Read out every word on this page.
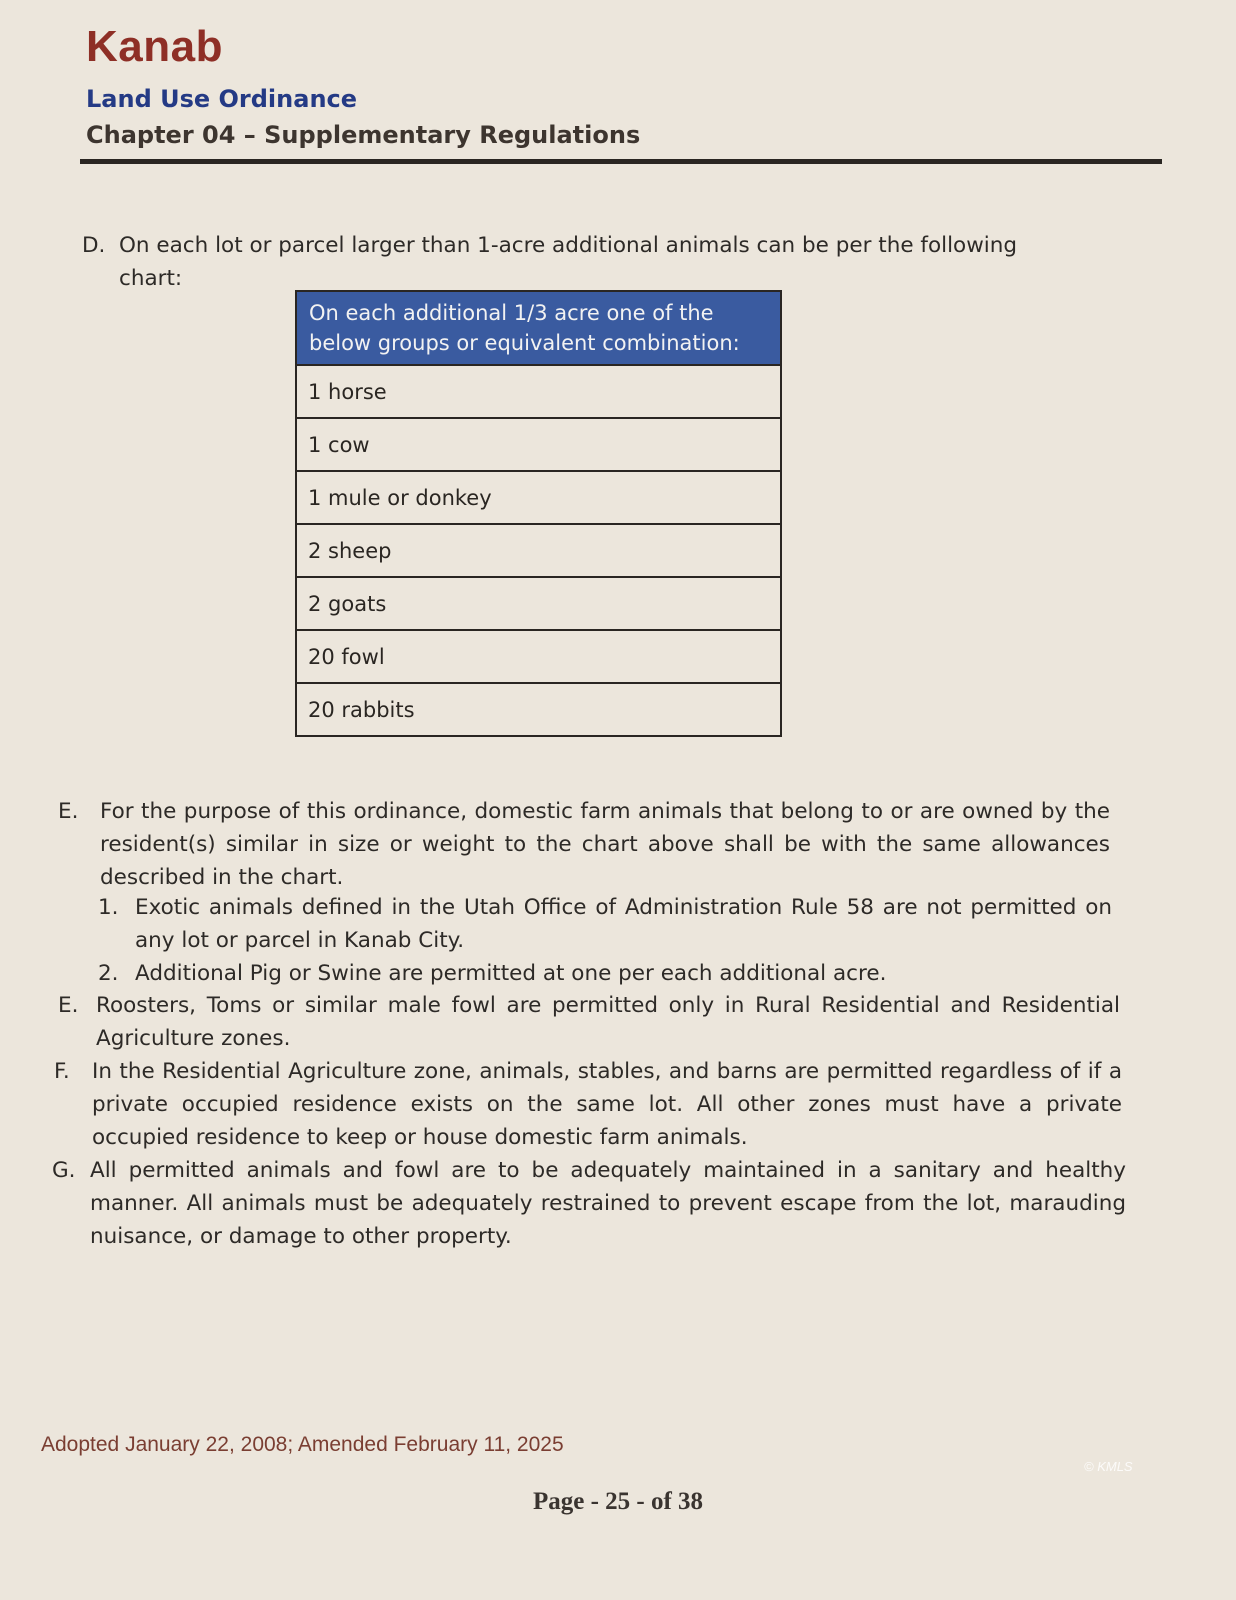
Kanab
Land Use Ordinance
Chapter 04 – Supplementary Regulations
D. On each lot or parcel larger than 1-acre additional animals can be per the following chart:
On each additional 1/3 acre one of the below groups or equivalent combination:
1 horse
1 cow
1 mule or donkey
2 sheep
2 goats
20 fowl
20 rabbits
E.	For the purpose of this ordinance, domestic farm animals that belong to or are owned by the resident(s) similar in size or weight to the chart above shall be with the same allowances described in the chart.
1. Exotic animals defined in the Utah Office of Administration Rule 58 are not permitted on any lot or parcel in Kanab City.
2. Additional Pig or Swine are permitted at one per each additional acre.
E. Roosters, Toms or similar male fowl are permitted only in Rural Residential and Residential Agriculture zones.
F.	In the Residential Agriculture zone, animals, stables, and barns are permitted regardless of if a private occupied residence exists on the same lot. All other zones must have a private occupied residence to keep or house domestic farm animals.
G. All permitted animals and fowl are to be adequately maintained in a sanitary and healthy manner. All animals must be adequately restrained to prevent escape from the lot, marauding nuisance, or damage to other property.
Adopted January 22, 2008; Amended February 11, 2025
© KMLS
Page - 25 - of 38
